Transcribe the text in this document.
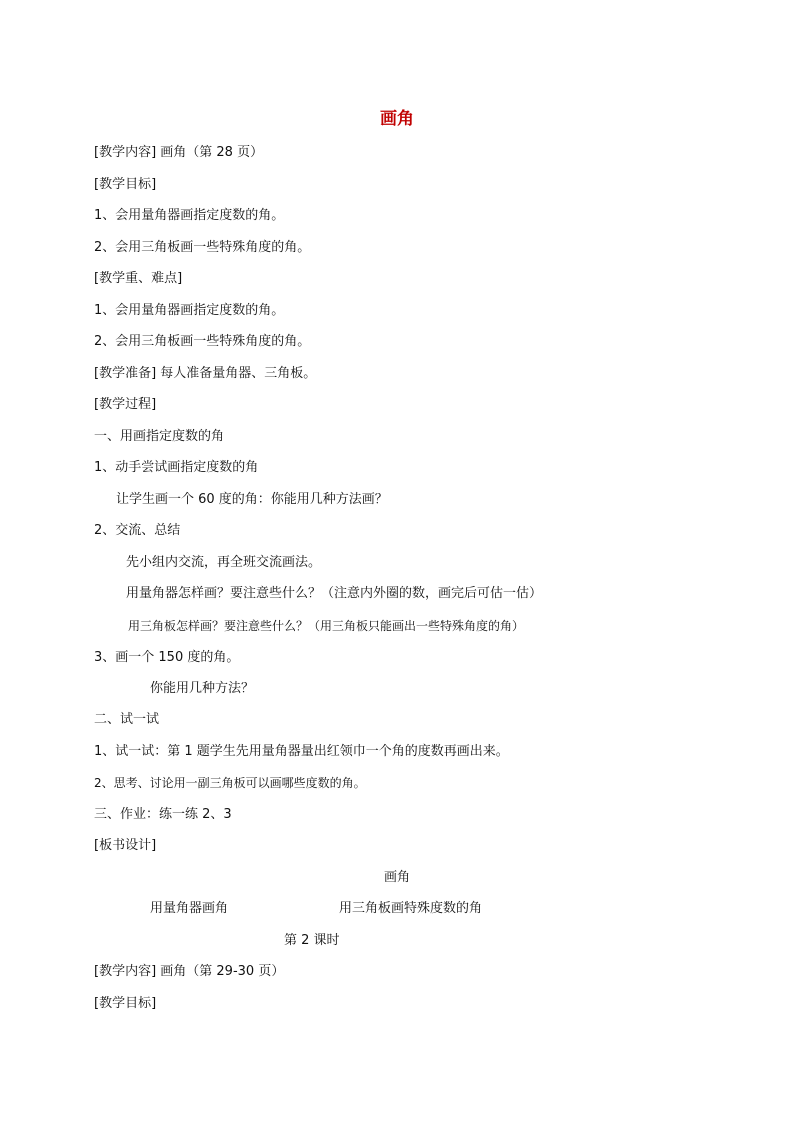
画角
[教学内容] 画角（第 28 页）
[教学目标]
1、会用量角器画指定度数的角。
2、会用三角板画一些特殊角度的角。
[教学重、难点]
1、会用量角器画指定度数的角。
2、会用三角板画一些特殊角度的角。
[教学准备] 每人准备量角器、三角板。
[教学过程]
一、用画指定度数的角
1、动手尝试画指定度数的角
让学生画一个 60 度的角：你能用几种方法画？
2、交流、总结
先小组内交流，再全班交流画法。
用量角器怎样画？要注意些什么？（注意内外圈的数，画完后可估一估）
用三角板怎样画？要注意些什么？（用三角板只能画出一些特殊角度的角）
3、画一个 150 度的角。
你能用几种方法？
二、试一试
1、试一试：第 1 题学生先用量角器量出红领巾一个角的度数再画出来。
2、思考、讨论用一副三角板可以画哪些度数的角。
三、作业：练一练 2、3
[板书设计]
画角
用量角器画角	用三角板画特殊度数的角
第 2 课时
[教学内容] 画角（第 29-30 页）
[教学目标]
